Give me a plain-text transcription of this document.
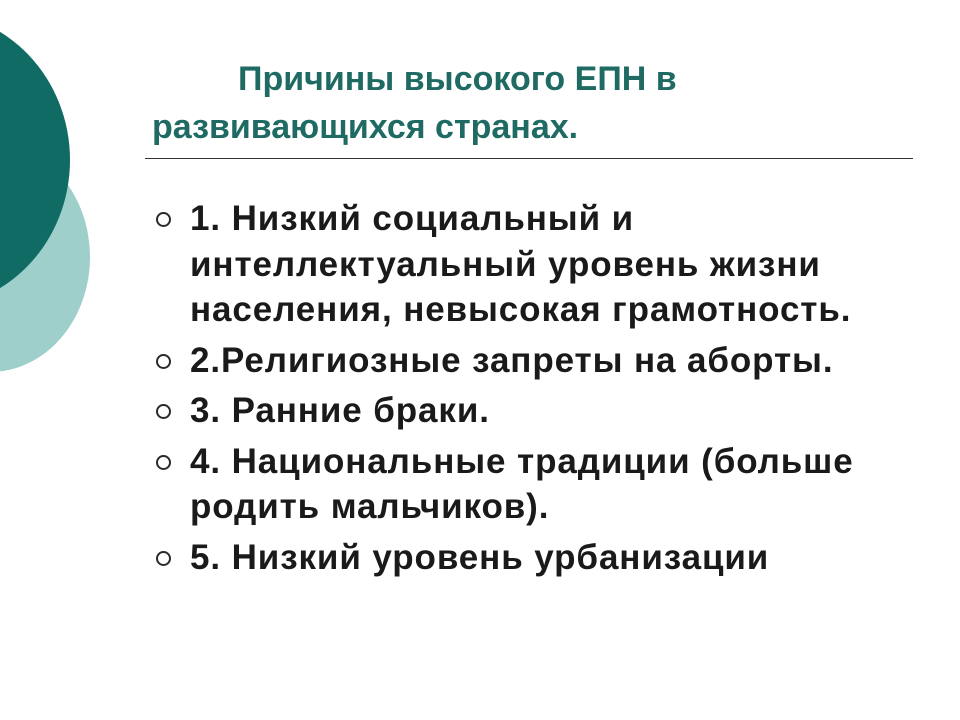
Причины высокого ЕПН в
развивающихся странах.
1. Низкий социальный и интеллектуальный уровень жизни населения, невысокая грамотность.
2.Религиозные запреты на аборты.
3. Ранние браки.
4. Национальные традиции (больше родить мальчиков).
5. Низкий уровень урбанизации
